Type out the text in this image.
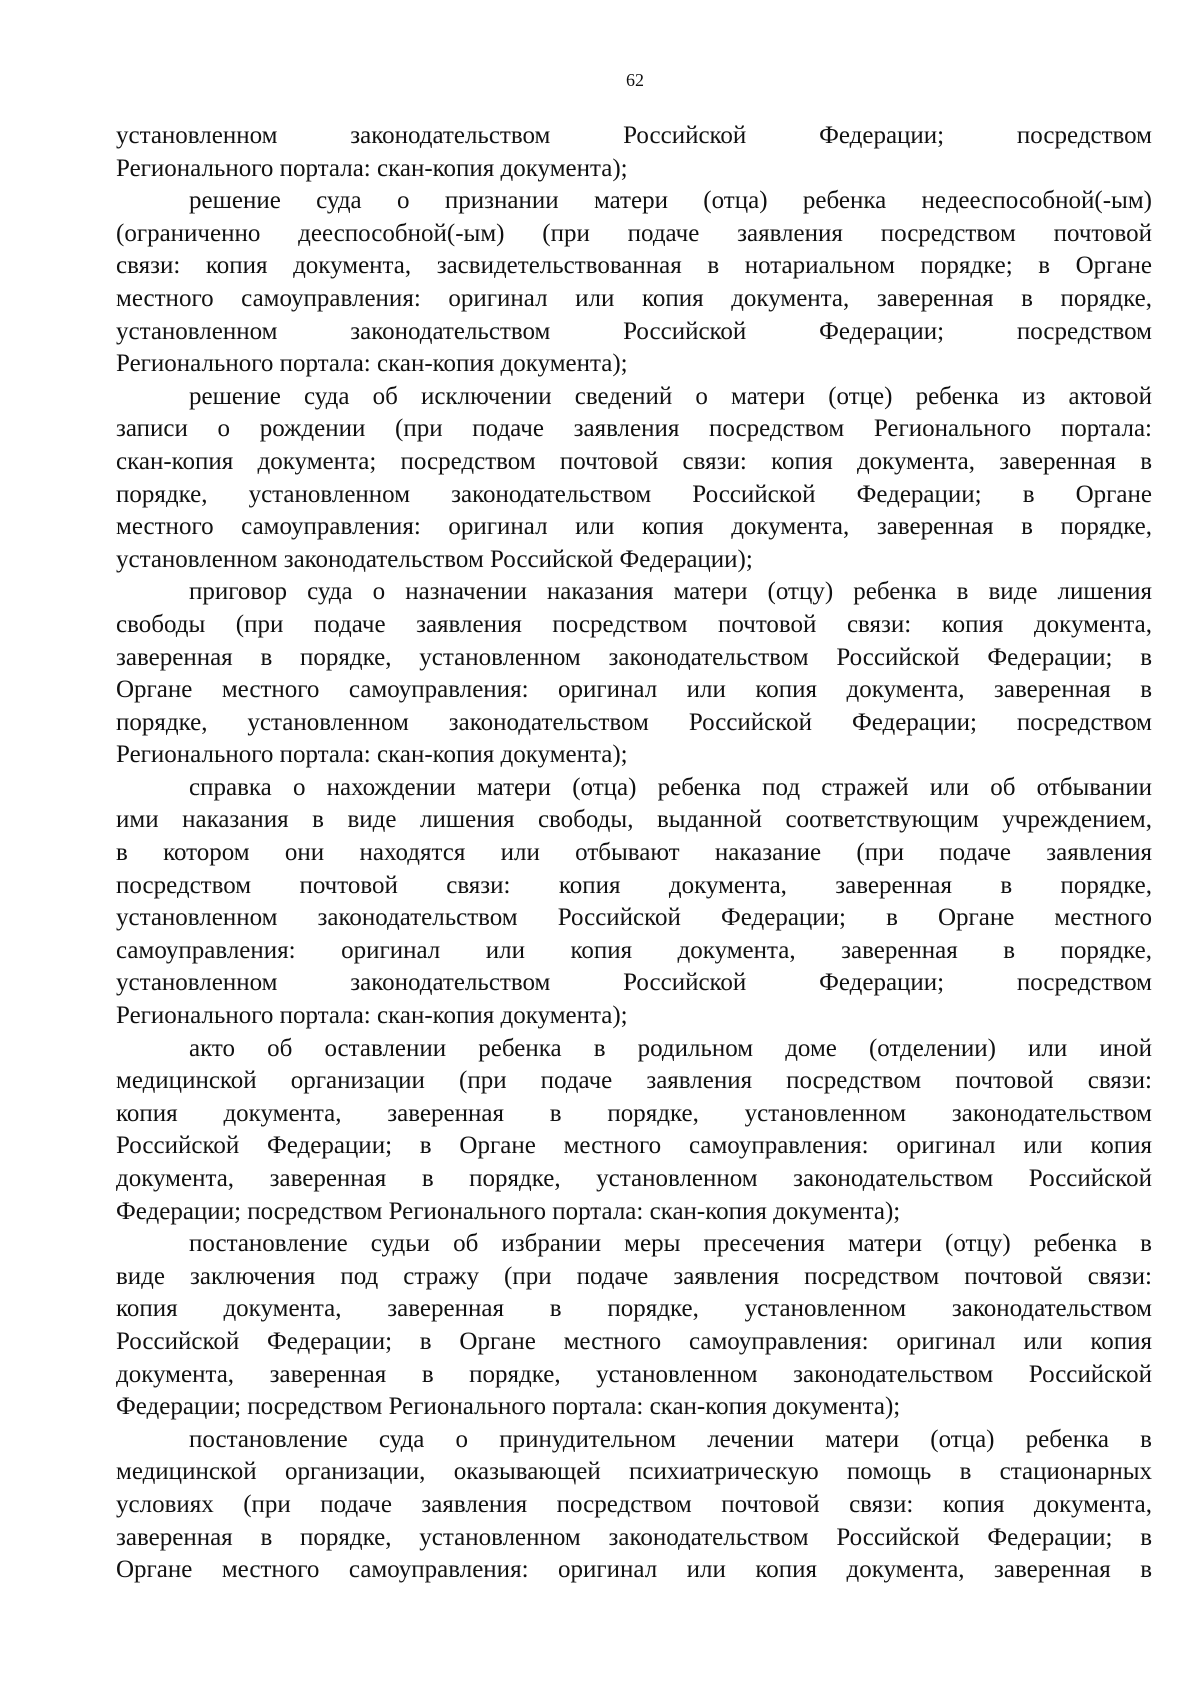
62
установленном законодательством Российской Федерации; посредством
Регионального портала: скан-копия документа);
решение суда о признании матери (отца) ребенка недееспособной(-ым)
(ограниченно дееспособной(-ым) (при подаче заявления посредством почтовой
связи: копия документа, засвидетельствованная в нотариальном порядке; в Органе
местного самоуправления: оригинал или копия документа, заверенная в порядке,
установленном законодательством Российской Федерации; посредством
Регионального портала: скан-копия документа);
решение суда об исключении сведений о матери (отце) ребенка из актовой
записи о рождении (при подаче заявления посредством Регионального портала:
скан-копия документа; посредством почтовой связи: копия документа, заверенная в
порядке, установленном законодательством Российской Федерации; в Органе
местного самоуправления: оригинал или копия документа, заверенная в порядке,
установленном законодательством Российской Федерации);
приговор суда о назначении наказания матери (отцу) ребенка в виде лишения
свободы (при подаче заявления посредством почтовой связи: копия документа,
заверенная в порядке, установленном законодательством Российской Федерации; в
Органе местного самоуправления: оригинал или копия документа, заверенная в
порядке, установленном законодательством Российской Федерации; посредством
Регионального портала: скан-копия документа);
справка о нахождении матери (отца) ребенка под стражей или об отбывании
ими наказания в виде лишения свободы, выданной соответствующим учреждением,
в котором они находятся или отбывают наказание (при подаче заявления
посредством почтовой связи: копия документа, заверенная в порядке,
установленном законодательством Российской Федерации; в Органе местного
самоуправления: оригинал или копия документа, заверенная в порядке,
установленном законодательством Российской Федерации; посредством
Регионального портала: скан-копия документа);
акто об оставлении ребенка в родильном доме (отделении) или иной
медицинской организации (при подаче заявления посредством почтовой связи:
копия документа, заверенная в порядке, установленном законодательством
Российской Федерации; в Органе местного самоуправления: оригинал или копия
документа, заверенная в порядке, установленном законодательством Российской
Федерации; посредством Регионального портала: скан-копия документа);
постановление судьи об избрании меры пресечения матери (отцу) ребенка в
виде заключения под стражу (при подаче заявления посредством почтовой связи:
копия документа, заверенная в порядке, установленном законодательством
Российской Федерации; в Органе местного самоуправления: оригинал или копия
документа, заверенная в порядке, установленном законодательством Российской
Федерации; посредством Регионального портала: скан-копия документа);
постановление суда о принудительном лечении матери (отца) ребенка в
медицинской организации, оказывающей психиатрическую помощь в стационарных
условиях (при подаче заявления посредством почтовой связи: копия документа,
заверенная в порядке, установленном законодательством Российской Федерации; в
Органе местного самоуправления: оригинал или копия документа, заверенная в
